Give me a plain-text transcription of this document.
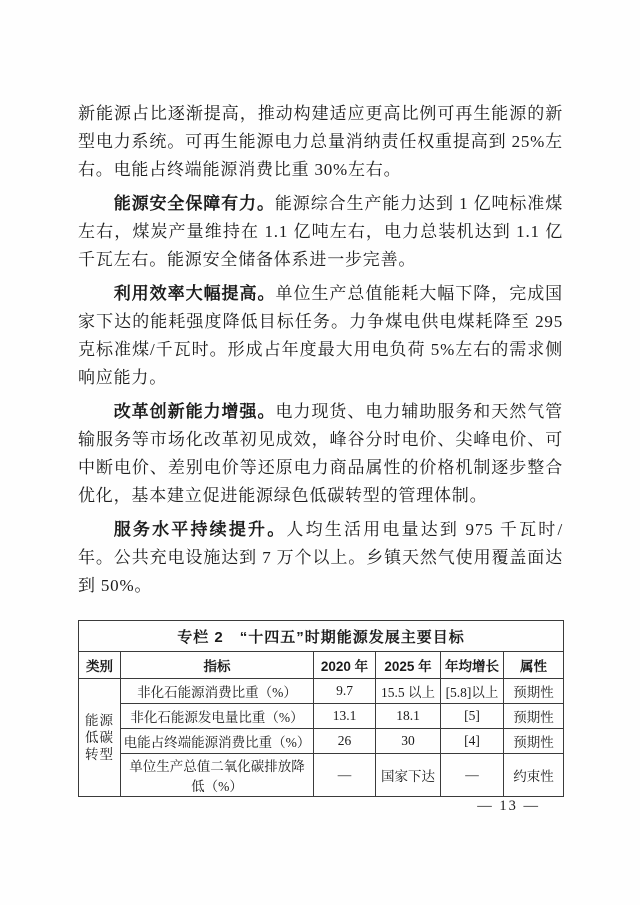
新能源占比逐渐提高，推动构建适应更高比例可再生能源的新型电力系统。可再生能源电力总量消纳责任权重提高到 25%左右。电能占终端能源消费比重 30%左右。

能源安全保障有力。能源综合生产能力达到 1 亿吨标准煤左右，煤炭产量维持在 1.1 亿吨左右，电力总装机达到 1.1 亿千瓦左右。能源安全储备体系进一步完善。

利用效率大幅提高。单位生产总值能耗大幅下降，完成国家下达的能耗强度降低目标任务。力争煤电供电煤耗降至 295 克标准煤/千瓦时。形成占年度最大用电负荷 5%左右的需求侧响应能力。

改革创新能力增强。电力现货、电力辅助服务和天然气管输服务等市场化改革初见成效，峰谷分时电价、尖峰电价、可中断电价、差别电价等还原电力商品属性的价格机制逐步整合优化，基本建立促进能源绿色低碳转型的管理体制。

服务水平持续提升。人均生活用电量达到 975 千瓦时/年。公共充电设施达到 7 万个以上。乡镇天然气使用覆盖面达到 50%。

专栏 2　“十四五”时期能源发展主要目标					
类别	指标	2020 年	2025 年	年均增长	属性
能源低碳转型	非化石能源消费比重（%）	9.7	15.5 以上	[5.8]以上	预期性
	非化石能源发电量比重（%）	13.1	18.1	[5]	预期性
	电能占终端能源消费比重（%）	26	30	[4]	预期性
	单位生产总值二氧化碳排放降低（%）	—	国家下达	—	约束性
— 13 —
